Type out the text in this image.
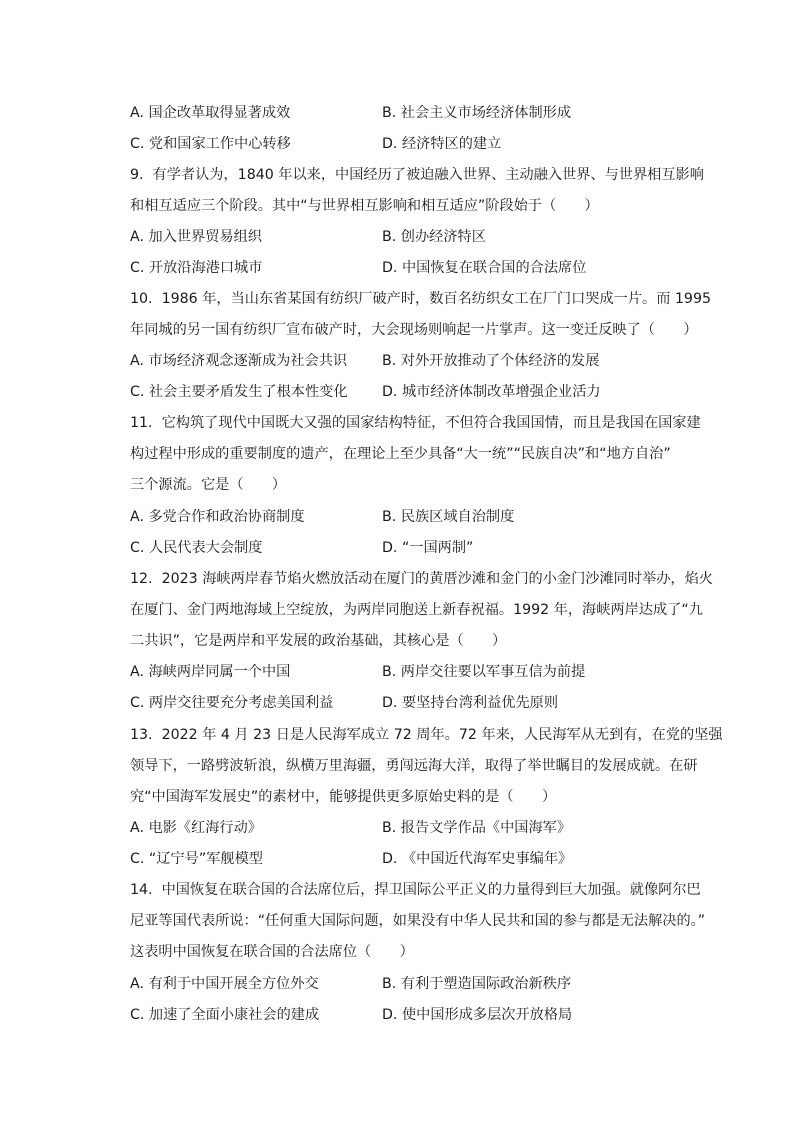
A. 国企改革取得显著成效	B. 社会主义市场经济体制形成
C. 党和国家工作中心转移	D. 经济特区的建立
9.  有学者认为，1840 年以来，中国经历了被迫融入世界、主动融入世界、与世界相互影响
和相互适应三个阶段。其中“与世界相互影响和相互适应”阶段始于（　　）
A. 加入世界贸易组织	B. 创办经济特区
C. 开放沿海港口城市	D. 中国恢复在联合国的合法席位
10.  1986 年，当山东省某国有纺织厂破产时，数百名纺织女工在厂门口哭成一片。而 1995
年同城的另一国有纺织厂宣布破产时，大会现场则响起一片掌声。这一变迁反映了（　　）
A. 市场经济观念逐渐成为社会共识 B. 对外开放推动了个体经济的发展
C. 社会主要矛盾发生了根本性变化 D. 城市经济体制改革增强企业活力
11.  它构筑了现代中国既大又强的国家结构特征，不但符合我国国情，而且是我国在国家建
构过程中形成的重要制度的遗产，在理论上至少具备“大一统”“民族自决”和“地方自治”
三个源流。它是（　　）
A. 多党合作和政治协商制度	B. 民族区域自治制度
C. 人民代表大会制度	D. “一国两制”
12.  2023 海峡两岸春节焰火燃放活动在厦门的黄厝沙滩和金门的小金门沙滩同时举办，焰火
在厦门、金门两地海域上空绽放，为两岸同胞送上新春祝福。1992 年，海峡两岸达成了“九
二共识”，它是两岸和平发展的政治基础，其核心是（　　）
A. 海峡两岸同属一个中国	B. 两岸交往要以军事互信为前提
C. 两岸交往要充分考虑美国利益	D. 要坚持台湾利益优先原则
13.  2022 年 4 月 23 日是人民海军成立 72 周年。72 年来，人民海军从无到有，在党的坚强
领导下，一路劈波斩浪，纵横万里海疆，勇闯远海大洋，取得了举世瞩目的发展成就。在研
究“中国海军发展史”的素材中，能够提供更多原始史料的是（　　）
A. 电影《红海行动》	B. 报告文学作品《中国海军》
C. “辽宁号”军舰模型	D. 《中国近代海军史事编年》
14.  中国恢复在联合国的合法席位后，捍卫国际公平正义的力量得到巨大加强。就像阿尔巴
尼亚等国代表所说：“任何重大国际问题，如果没有中华人民共和国的参与都是无法解决的。”
这表明中国恢复在联合国的合法席位（　　）
A. 有利于中国开展全方位外交	B. 有利于塑造国际政治新秩序
C. 加速了全面小康社会的建成	D. 使中国形成多层次开放格局
